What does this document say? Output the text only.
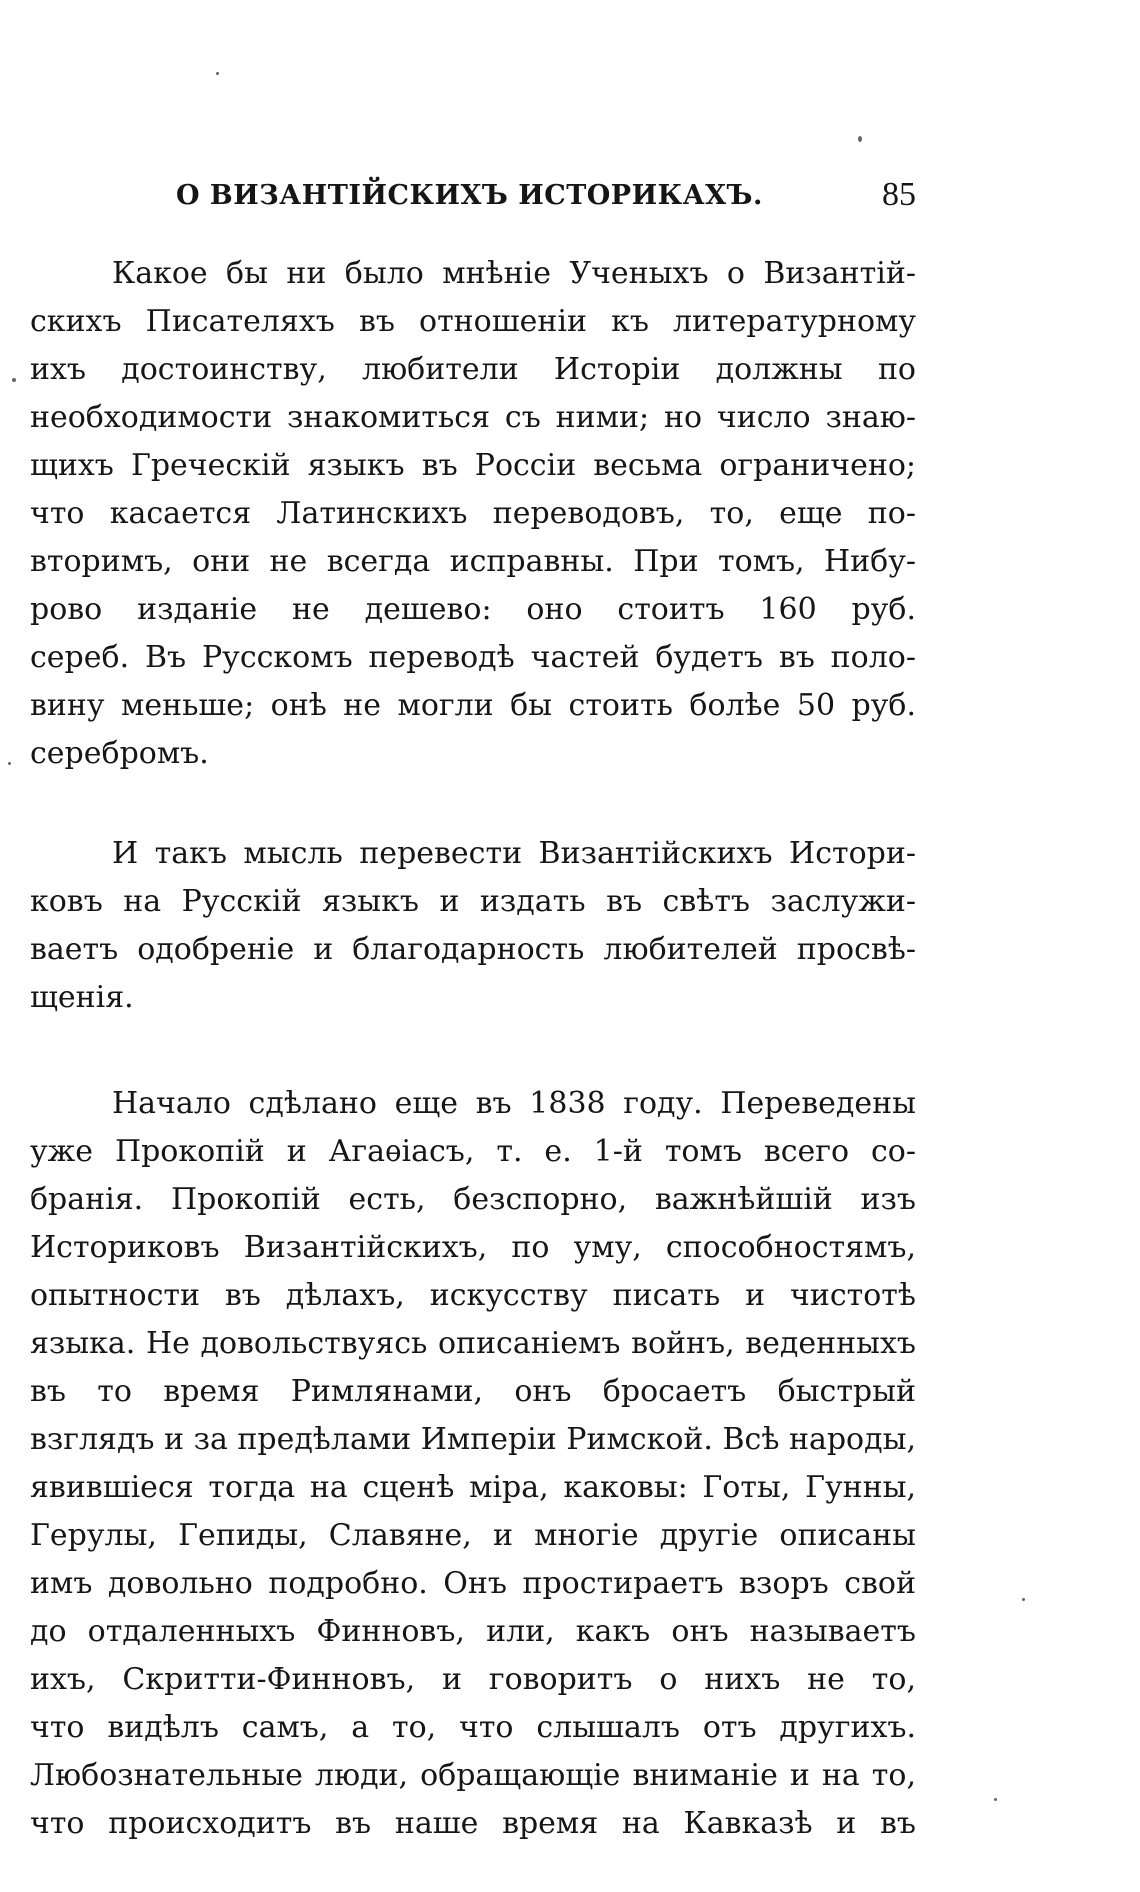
О ВИЗАНТІЙСКИХЪ ИСТОРИКАХЪ.	85
Какое бы ни было мнѣніе Ученыхъ о Византій-
скихъ Писателяхъ въ отношеніи къ литературному
ихъ достоинству, любители Исторіи должны по
необходимости знакомиться съ ними; но число знаю-
щихъ Греческій языкъ въ Россіи весьма ограничено;
что касается Латинскихъ переводовъ, то, еще по-
вторимъ, они не всегда исправны. При томъ, Нибу-
рово изданіе не дешево: оно стоитъ 160 руб.
сереб. Въ Русскомъ переводѣ частей будетъ въ поло-
вину меньше; онѣ не могли бы стоить болѣе 50 руб.
серебромъ.
И такъ мысль перевести Византійскихъ Истори-
ковъ на Русскій языкъ и издать въ свѣтъ заслужи-
ваетъ одобреніе и благодарность любителей просвѣ-
щенія.
Начало сдѣлано еще въ 1838 году. Переведены
уже Прокопій и Агаѳіасъ, т. е. 1-й томъ всего со-
бранія. Прокопій есть, безспорно, важнѣйшій изъ
Историковъ Византійскихъ, по уму, способностямъ,
опытности въ дѣлахъ, искусству писать и чистотѣ
языка. Не довольствуясь описаніемъ войнъ, веденныхъ
въ то время Римлянами, онъ бросаетъ быстрый
взглядъ и за предѣлами Имперіи Римской. Всѣ народы,
явившіеся тогда на сценѣ міра, каковы: Готы, Гунны,
Герулы, Гепиды, Славяне, и многіе другіе описаны
имъ довольно подробно. Онъ простираетъ взоръ свой
до отдаленныхъ Финновъ, или, какъ онъ называетъ
ихъ, Скритти-Финновъ, и говоритъ о нихъ не то,
что видѣлъ самъ, а то, что слышалъ отъ другихъ.
Любознательные люди, обращающіе вниманіе и на то,
что происходитъ въ наше время на Кавказѣ и въ
